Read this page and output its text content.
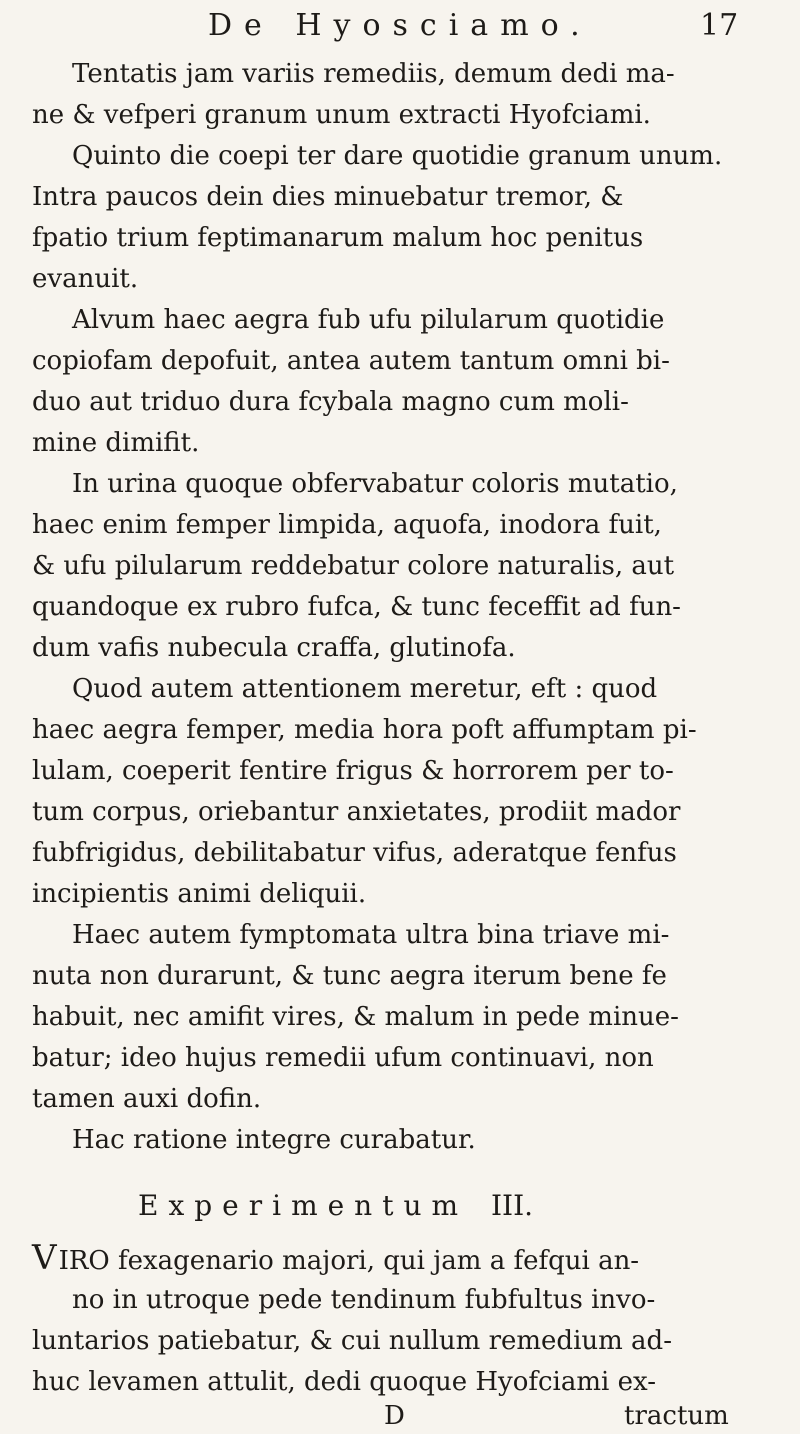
De Hyosciamo.	17
Tentatis jam variis remediis, demum dedi ma-
ne & vefperi granum unum extracti Hyofciami.
Quinto die coepi ter dare quotidie granum unum.
Intra paucos dein dies minuebatur tremor, &
fpatio trium feptimanarum malum hoc penitus
evanuit.
Alvum haec aegra fub ufu pilularum quotidie
copiofam depofuit, antea autem tantum omni bi-
duo aut triduo dura fcybala magno cum moli-
mine dimifit.
In urina quoque obfervabatur coloris mutatio,
haec enim femper limpida, aquofa, inodora fuit,
& ufu pilularum reddebatur colore naturalis, aut
quandoque ex rubro fufca, & tunc feceffit ad fun-
dum vafis nubecula craffa, glutinofa.
Quod autem attentionem meretur, eft : quod
haec aegra femper, media hora poft affumptam pi-
lulam, coeperit fentire frigus & horrorem per to-
tum corpus, oriebantur anxietates, prodiit mador
fubfrigidus, debilitabatur vifus, aderatque fenfus
incipientis animi deliquii.
Haec autem fymptomata ultra bina triave mi-
nuta non durarunt, & tunc aegra iterum bene fe
habuit, nec amifit vires, & malum in pede minue-
batur; ideo hujus remedii ufum continuavi, non
tamen auxi dofin.
Hac ratione integre curabatur.
Experimentum III.
VIRO fexagenario majori, qui jam a fefqui an-
no in utroque pede tendinum fubfultus invo-
luntarios patiebatur, & cui nullum remedium ad-
huc levamen attulit, dedi quoque Hyofciami ex-
D	tractum
